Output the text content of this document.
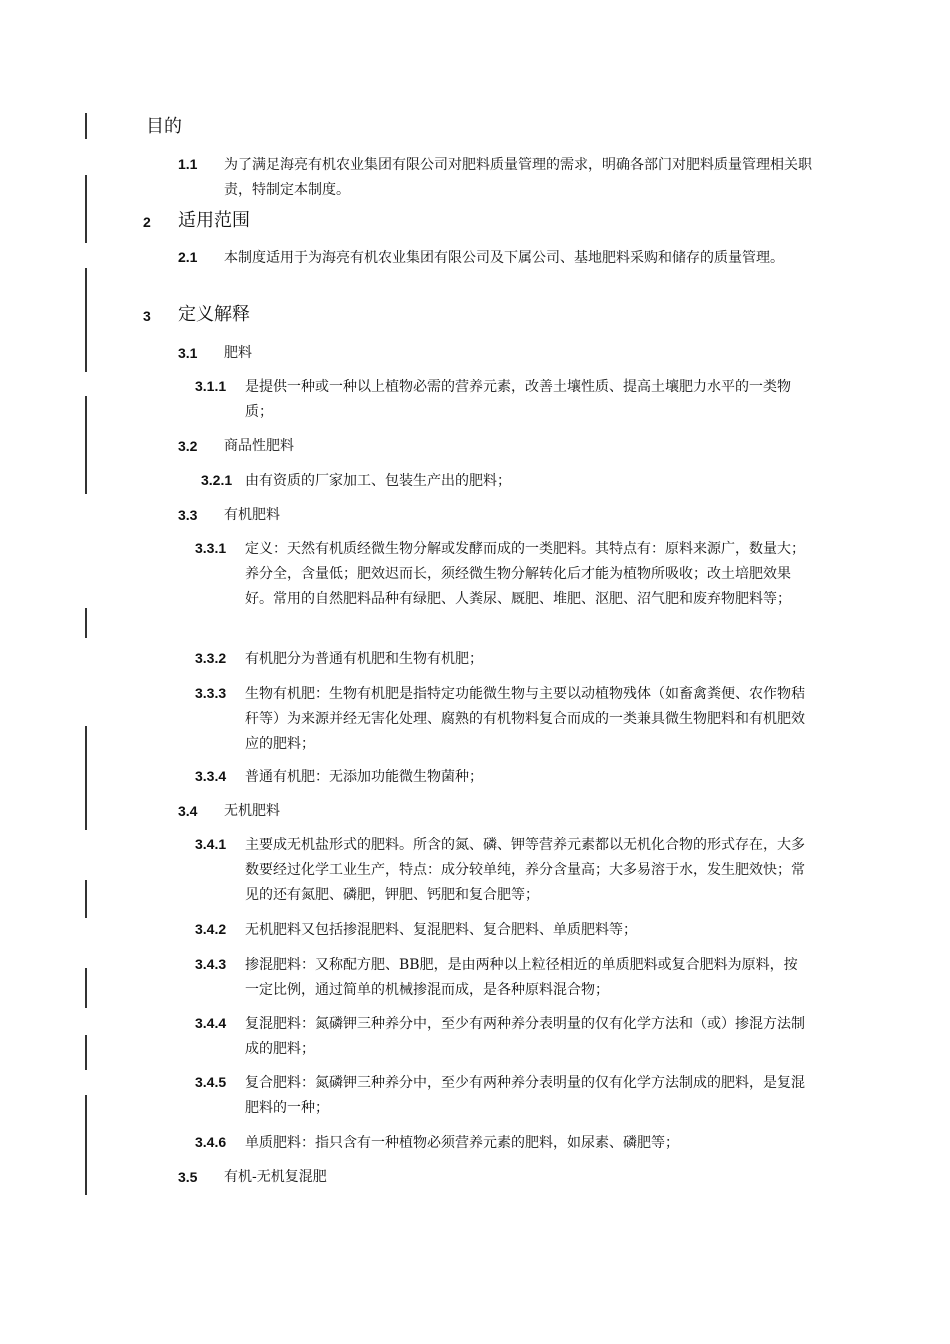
目的
1.1 为了满足海亮有机农业集团有限公司对肥料质量管理的需求，明确各部门对肥料质量管理相关职责，特制定本制度。
2 适用范围
2.1 本制度适用于为海亮有机农业集团有限公司及下属公司、基地肥料采购和储存的质量管理。
3 定义解释
3.1 肥料
3.1.1 是提供一种或一种以上植物必需的营养元素，改善土壤性质、提高土壤肥力水平的一类物质；
3.2 商品性肥料
3.2.1 由有资质的厂家加工、包装生产出的肥料；
3.3 有机肥料
3.3.1 定义：天然有机质经微生物分解或发酵而成的一类肥料。其特点有：原料来源广，数量大；养分全，含量低；肥效迟而长，须经微生物分解转化后才能为植物所吸收；改土培肥效果好。常用的自然肥料品种有绿肥、人粪尿、厩肥、堆肥、沤肥、沼气肥和废弃物肥料等；
3.3.2 有机肥分为普通有机肥和生物有机肥；
3.3.3 生物有机肥：生物有机肥是指特定功能微生物与主要以动植物残体（如畜禽粪便、农作物秸秆等）为来源并经无害化处理、腐熟的有机物料复合而成的一类兼具微生物肥料和有机肥效应的肥料；
3.3.4 普通有机肥：无添加功能微生物菌种；
3.4 无机肥料
3.4.1 主要成无机盐形式的肥料。所含的氮、磷、钾等营养元素都以无机化合物的形式存在，大多数要经过化学工业生产，特点：成分较单纯，养分含量高；大多易溶于水，发生肥效快；常见的还有氮肥、磷肥，钾肥、钙肥和复合肥等；
3.4.2 无机肥料又包括掺混肥料、复混肥料、复合肥料、单质肥料等；
3.4.3 掺混肥料：又称配方肥、BB肥，是由两种以上粒径相近的单质肥料或复合肥料为原料，按一定比例，通过简单的机械掺混而成，是各种原料混合物；
3.4.4 复混肥料：氮磷钾三种养分中，至少有两种养分表明量的仅有化学方法和（或）掺混方法制成的肥料；
3.4.5 复合肥料：氮磷钾三种养分中，至少有两种养分表明量的仅有化学方法制成的肥料，是复混肥料的一种；
3.4.6 单质肥料：指只含有一种植物必须营养元素的肥料，如尿素、磷肥等；
3.5 有机-无机复混肥
